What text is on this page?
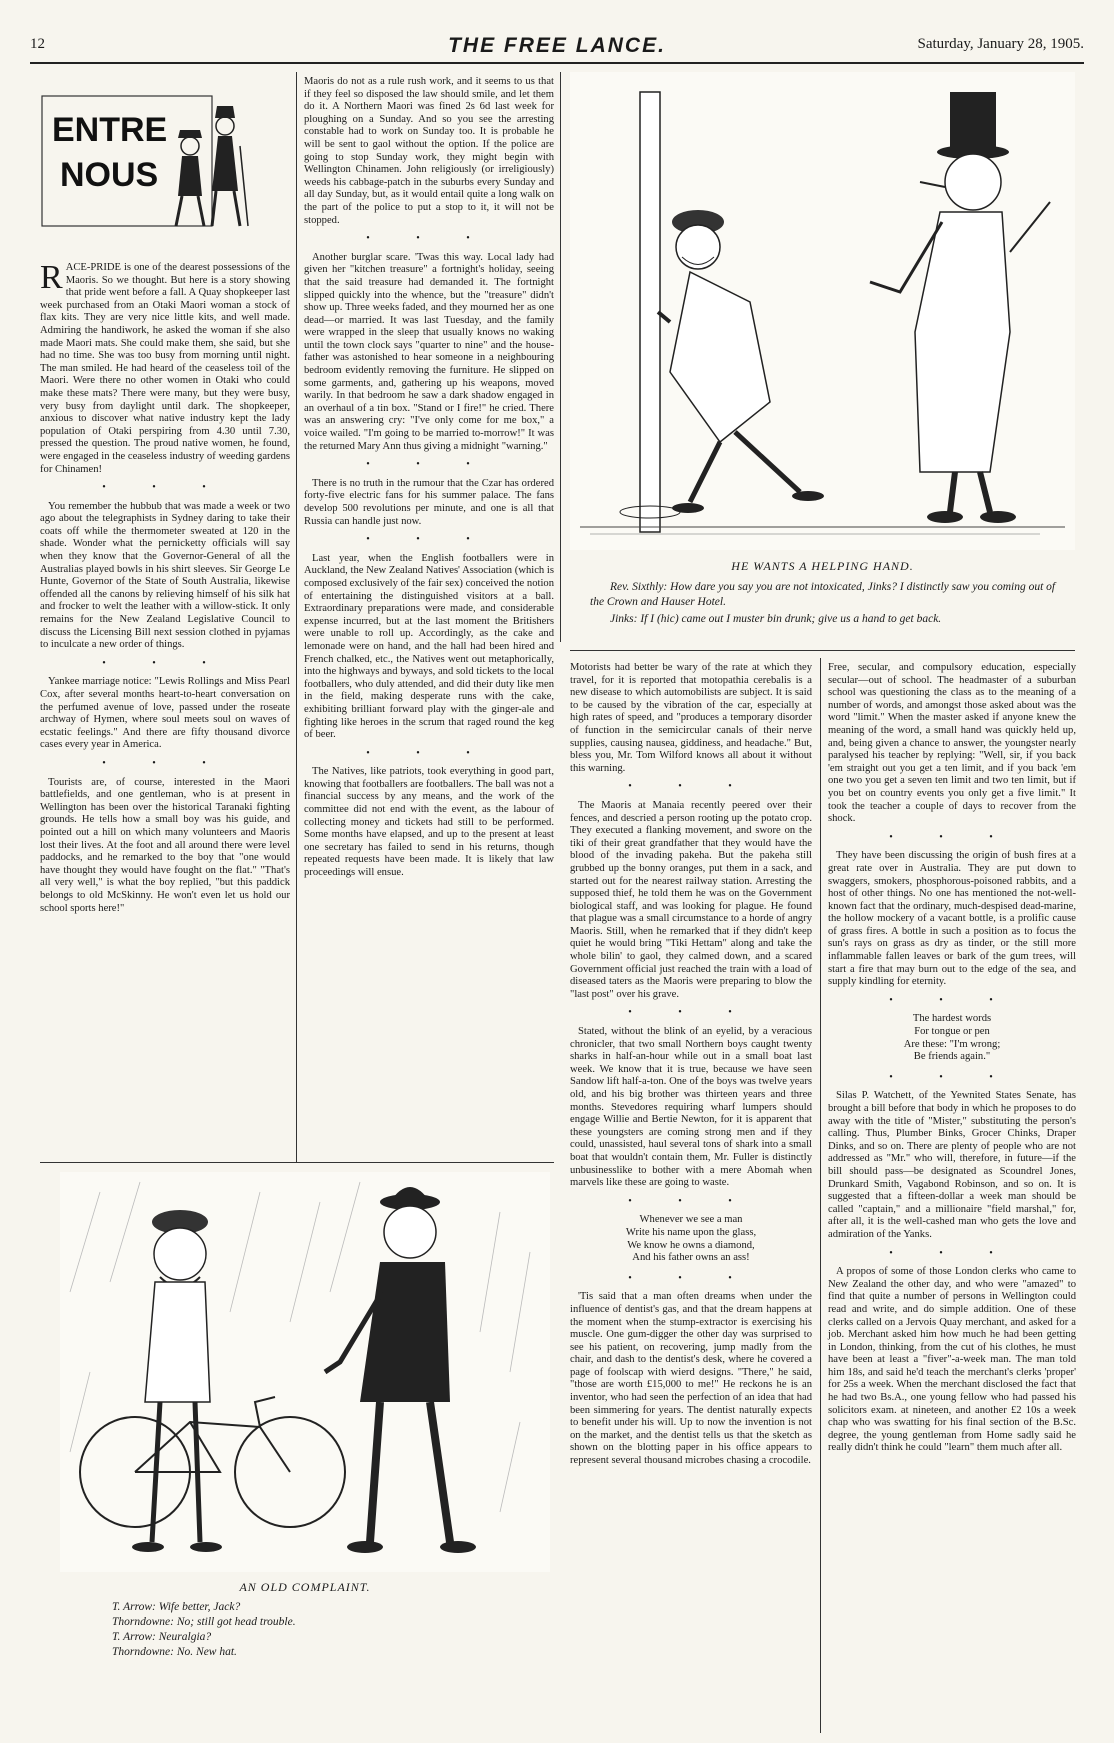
12	THE FREE LANCE.	Saturday, January 28, 1905.
ENTRE
NOUS

RACE-PRIDE is one of the dearest possessions of the Maoris. So we thought. But here is a story showing that pride went before a fall. A Quay shopkeeper last week purchased from an Otaki Maori woman a stock of flax kits. They are very nice little kits, and well made. Admiring the handiwork, he asked the woman if she also made Maori mats. She could make them, she said, but she had no time. She was too busy from morning until night. The man smiled. He had heard of the ceaseless toil of the Maori. Were there no other women in Otaki who could make these mats? There were many, but they were busy, very busy from daylight until dark. The shopkeeper, anxious to discover what native industry kept the lady population of Otaki perspiring from 4.30 until 7.30, pressed the question. The proud native women, he found, were engaged in the ceaseless industry of weeding gardens for Chinamen!

• • •

You remember the hubbub that was made a week or two ago about the telegraphists in Sydney daring to take their coats off while the thermometer sweated at 120 in the shade. Wonder what the pernicketty officials will say when they know that the Governor-General of all the Australias played bowls in his shirt sleeves. Sir George Le Hunte, Governor of the State of South Australia, likewise offended all the canons by relieving himself of his silk hat and frocker to welt the leather with a willow-stick. It only remains for the New Zealand Legislative Council to discuss the Licensing Bill next session clothed in pyjamas to inculcate a new order of things.

• • •

Yankee marriage notice: "Lewis Rollings and Miss Pearl Cox, after several months heart-to-heart conversation on the perfumed avenue of love, passed under the roseate archway of Hymen, where soul meets soul on waves of ecstatic feelings." And there are fifty thousand divorce cases every year in America.

• • •

Tourists are, of course, interested in the Maori battlefields, and one gentleman, who is at present in Wellington has been over the historical Taranaki fighting grounds. He tells how a small boy was his guide, and pointed out a hill on which many volunteers and Maoris lost their lives. At the foot and all around there were level paddocks, and he remarked to the boy that "one would have thought they would have fought on the flat." "That's all very well," is what the boy replied, "but this paddick belongs to old McSkinny. He won't even let us hold our school sports here!"

Maoris do not as a rule rush work, and it seems to us that if they feel so disposed the law should smile, and let them do it. A Northern Maori was fined 2s 6d last week for ploughing on a Sunday. And so you see the arresting constable had to work on Sunday too. It is probable he will be sent to gaol without the option. If the police are going to stop Sunday work, they might begin with Wellington Chinamen. John religiously (or irreligiously) weeds his cabbage-patch in the suburbs every Sunday and all day Sunday, but, as it would entail quite a long walk on the part of the police to put a stop to it, it will not be stopped.

• • •

Another burglar scare. 'Twas this way. Local lady had given her "kitchen treasure" a fortnight's holiday, seeing that the said treasure had demanded it. The fortnight slipped quickly into the whence, but the "treasure" didn't show up. Three weeks faded, and they mourned her as one dead—or married. It was last Tuesday, and the family were wrapped in the sleep that usually knows no waking until the town clock says "quarter to nine" and the house-father was astonished to hear someone in a neighbouring bedroom evidently removing the furniture. He slipped on some garments, and, gathering up his weapons, moved warily. In that bedroom he saw a dark shadow engaged in an overhaul of a tin box. "Stand or I fire!" he cried. There was an answering cry: "I've only come for me box," a voice wailed. "I'm going to be married to-morrow!" It was the returned Mary Ann thus giving a midnight "warning."

• • •

There is no truth in the rumour that the Czar has ordered forty-five electric fans for his summer palace. The fans develop 500 revolutions per minute, and one is all that Russia can handle just now.

• • •

Last year, when the English footballers were in Auckland, the New Zealand Natives' Association (which is composed exclusively of the fair sex) conceived the notion of entertaining the distinguished visitors at a ball. Extraordinary preparations were made, and considerable expense incurred, but at the last moment the Britishers were unable to roll up. Accordingly, as the cake and lemonade were on hand, and the hall had been hired and French chalked, etc., the Natives went out metaphorically, into the highways and byways, and sold tickets to the local footballers, who duly attended, and did their duty like men in the field, making desperate runs with the cake, exhibiting brilliant forward play with the ginger-ale and fighting like heroes in the scrum that raged round the keg of beer.

• • •

The Natives, like patriots, took everything in good part, knowing that footballers are footballers. The ball was not a financial success by any means, and the work of the committee did not end with the event, as the labour of collecting money and tickets had still to be performed. Some months have elapsed, and up to the present at least one secretary has failed to send in his returns, though repeated requests have been made. It is likely that law proceedings will ensue.

HE WANTS A HELPING HAND.
Rev. Sixthly: How dare you say you are not intoxicated, Jinks? I distinctly saw you coming out of the Crown and Hauser Hotel.
Jinks: If I (hic) came out I muster bin drunk; give us a hand to get back.

Motorists had better be wary of the rate at which they travel, for it is reported that motopathia cerebalis is a new disease to which automobilists are subject. It is said to be caused by the vibration of the car, especially at high rates of speed, and "produces a temporary disorder of function in the semicircular canals of their nerve supplies, causing nausea, giddiness, and headache." But, bless you, Mr. Tom Wilford knows all about it without this warning.

• • •

The Maoris at Manaia recently peered over their fences, and descried a person rooting up the potato crop. They executed a flanking movement, and swore on the tiki of their great grandfather that they would have the blood of the invading pakeha. But the pakeha still grubbed up the bonny oranges, put them in a sack, and started out for the nearest railway station. Arresting the supposed thief, he told them he was on the Government biological staff, and was looking for plague. He found that plague was a small circumstance to a horde of angry Maoris. Still, when he remarked that if they didn't keep quiet he would bring "Tiki Hettam" along and take the whole bilin' to gaol, they calmed down, and a scared Government official just reached the train with a load of diseased taters as the Maoris were preparing to blow the "last post" over his grave.

• • •

Stated, without the blink of an eyelid, by a veracious chronicler, that two small Northern boys caught twenty sharks in half-an-hour while out in a small boat last week. We know that it is true, because we have seen Sandow lift half-a-ton. One of the boys was twelve years old, and his big brother was thirteen years and three months. Stevedores requiring wharf lumpers should engage Willie and Bertie Newton, for it is apparent that these youngsters are coming strong men and if they could, unassisted, haul several tons of shark into a small boat that wouldn't contain them, Mr. Fuller is distinctly unbusinesslike to bother with a mere Abomah when marvels like these are going to waste.

• • •
Whenever we see a man
Write his name upon the glass,
We know he owns a diamond,
And his father owns an ass!
• • •

'Tis said that a man often dreams when under the influence of dentist's gas, and that the dream happens at the moment when the stump-extractor is exercising his muscle. One gum-digger the other day was surprised to see his patient, on recovering, jump madly from the chair, and dash to the dentist's desk, where he covered a page of foolscap with wierd designs. "There," he said, "those are worth £15,000 to me!" He reckons he is an inventor, who had seen the perfection of an idea that had been simmering for years. The dentist naturally expects to benefit under his will. Up to now the invention is not on the market, and the dentist tells us that the sketch as shown on the blotting paper in his office appears to represent several thousand microbes chasing a crocodile.

Free, secular, and compulsory education, especially secular—out of school. The headmaster of a suburban school was questioning the class as to the meaning of a number of words, and amongst those asked about was the word "limit." When the master asked if anyone knew the meaning of the word, a small hand was quickly held up, and, being given a chance to answer, the youngster nearly paralysed his teacher by replying: "Well, sir, if you back 'em straight out you get a ten limit, and if you back 'em one two you get a seven ten limit and two ten limit, but if you bet on country events you only get a five limit." It took the teacher a couple of days to recover from the shock.

• • •

They have been discussing the origin of bush fires at a great rate over in Australia. They are put down to swaggers, smokers, phosphorous-poisoned rabbits, and a host of other things. No one has mentioned the not-well-known fact that the ordinary, much-despised dead-marine, the hollow mockery of a vacant bottle, is a prolific cause of grass fires. A bottle in such a position as to focus the sun's rays on grass as dry as tinder, or the still more inflammable fallen leaves or bark of the gum trees, will start a fire that may burn out to the edge of the sea, and supply kindling for eternity.

• • •
The hardest words
For tongue or pen
Are these: "I'm wrong;
Be friends again."
• • •

Silas P. Watchett, of the Yewnited States Senate, has brought a bill before that body in which he proposes to do away with the title of "Mister," substituting the person's calling. Thus, Plumber Binks, Grocer Chinks, Draper Dinks, and so on. There are plenty of people who are not addressed as "Mr." who will, therefore, in future—if the bill should pass—be designated as Scoundrel Jones, Drunkard Smith, Vagabond Robinson, and so on. It is suggested that a fifteen-dollar a week man should be called "captain," and a millionaire "field marshal," for, after all, it is the well-cashed man who gets the love and admiration of the Yanks.

• • •

A propos of some of those London clerks who came to New Zealand the other day, and who were "amazed" to find that quite a number of persons in Wellington could read and write, and do simple addition. One of these clerks called on a Jervois Quay merchant, and asked for a job. Merchant asked him how much he had been getting in London, thinking, from the cut of his clothes, he must have been at least a "fiver"-a-week man. The man told him 18s, and said he'd teach the merchant's clerks 'proper' for 25s a week. When the merchant disclosed the fact that he had two Bs.A., one young fellow who had passed his solicitors exam. at nineteen, and another £2 10s a week chap who was swatting for his final section of the B.Sc. degree, the young gentleman from Home sadly said he really didn't think he could "learn" them much after all.

AN OLD COMPLAINT.
T. Arrow: Wife better, Jack?
Thorndowne: No; still got head trouble.
T. Arrow: Neuralgia?
Thorndowne: No. New hat.
